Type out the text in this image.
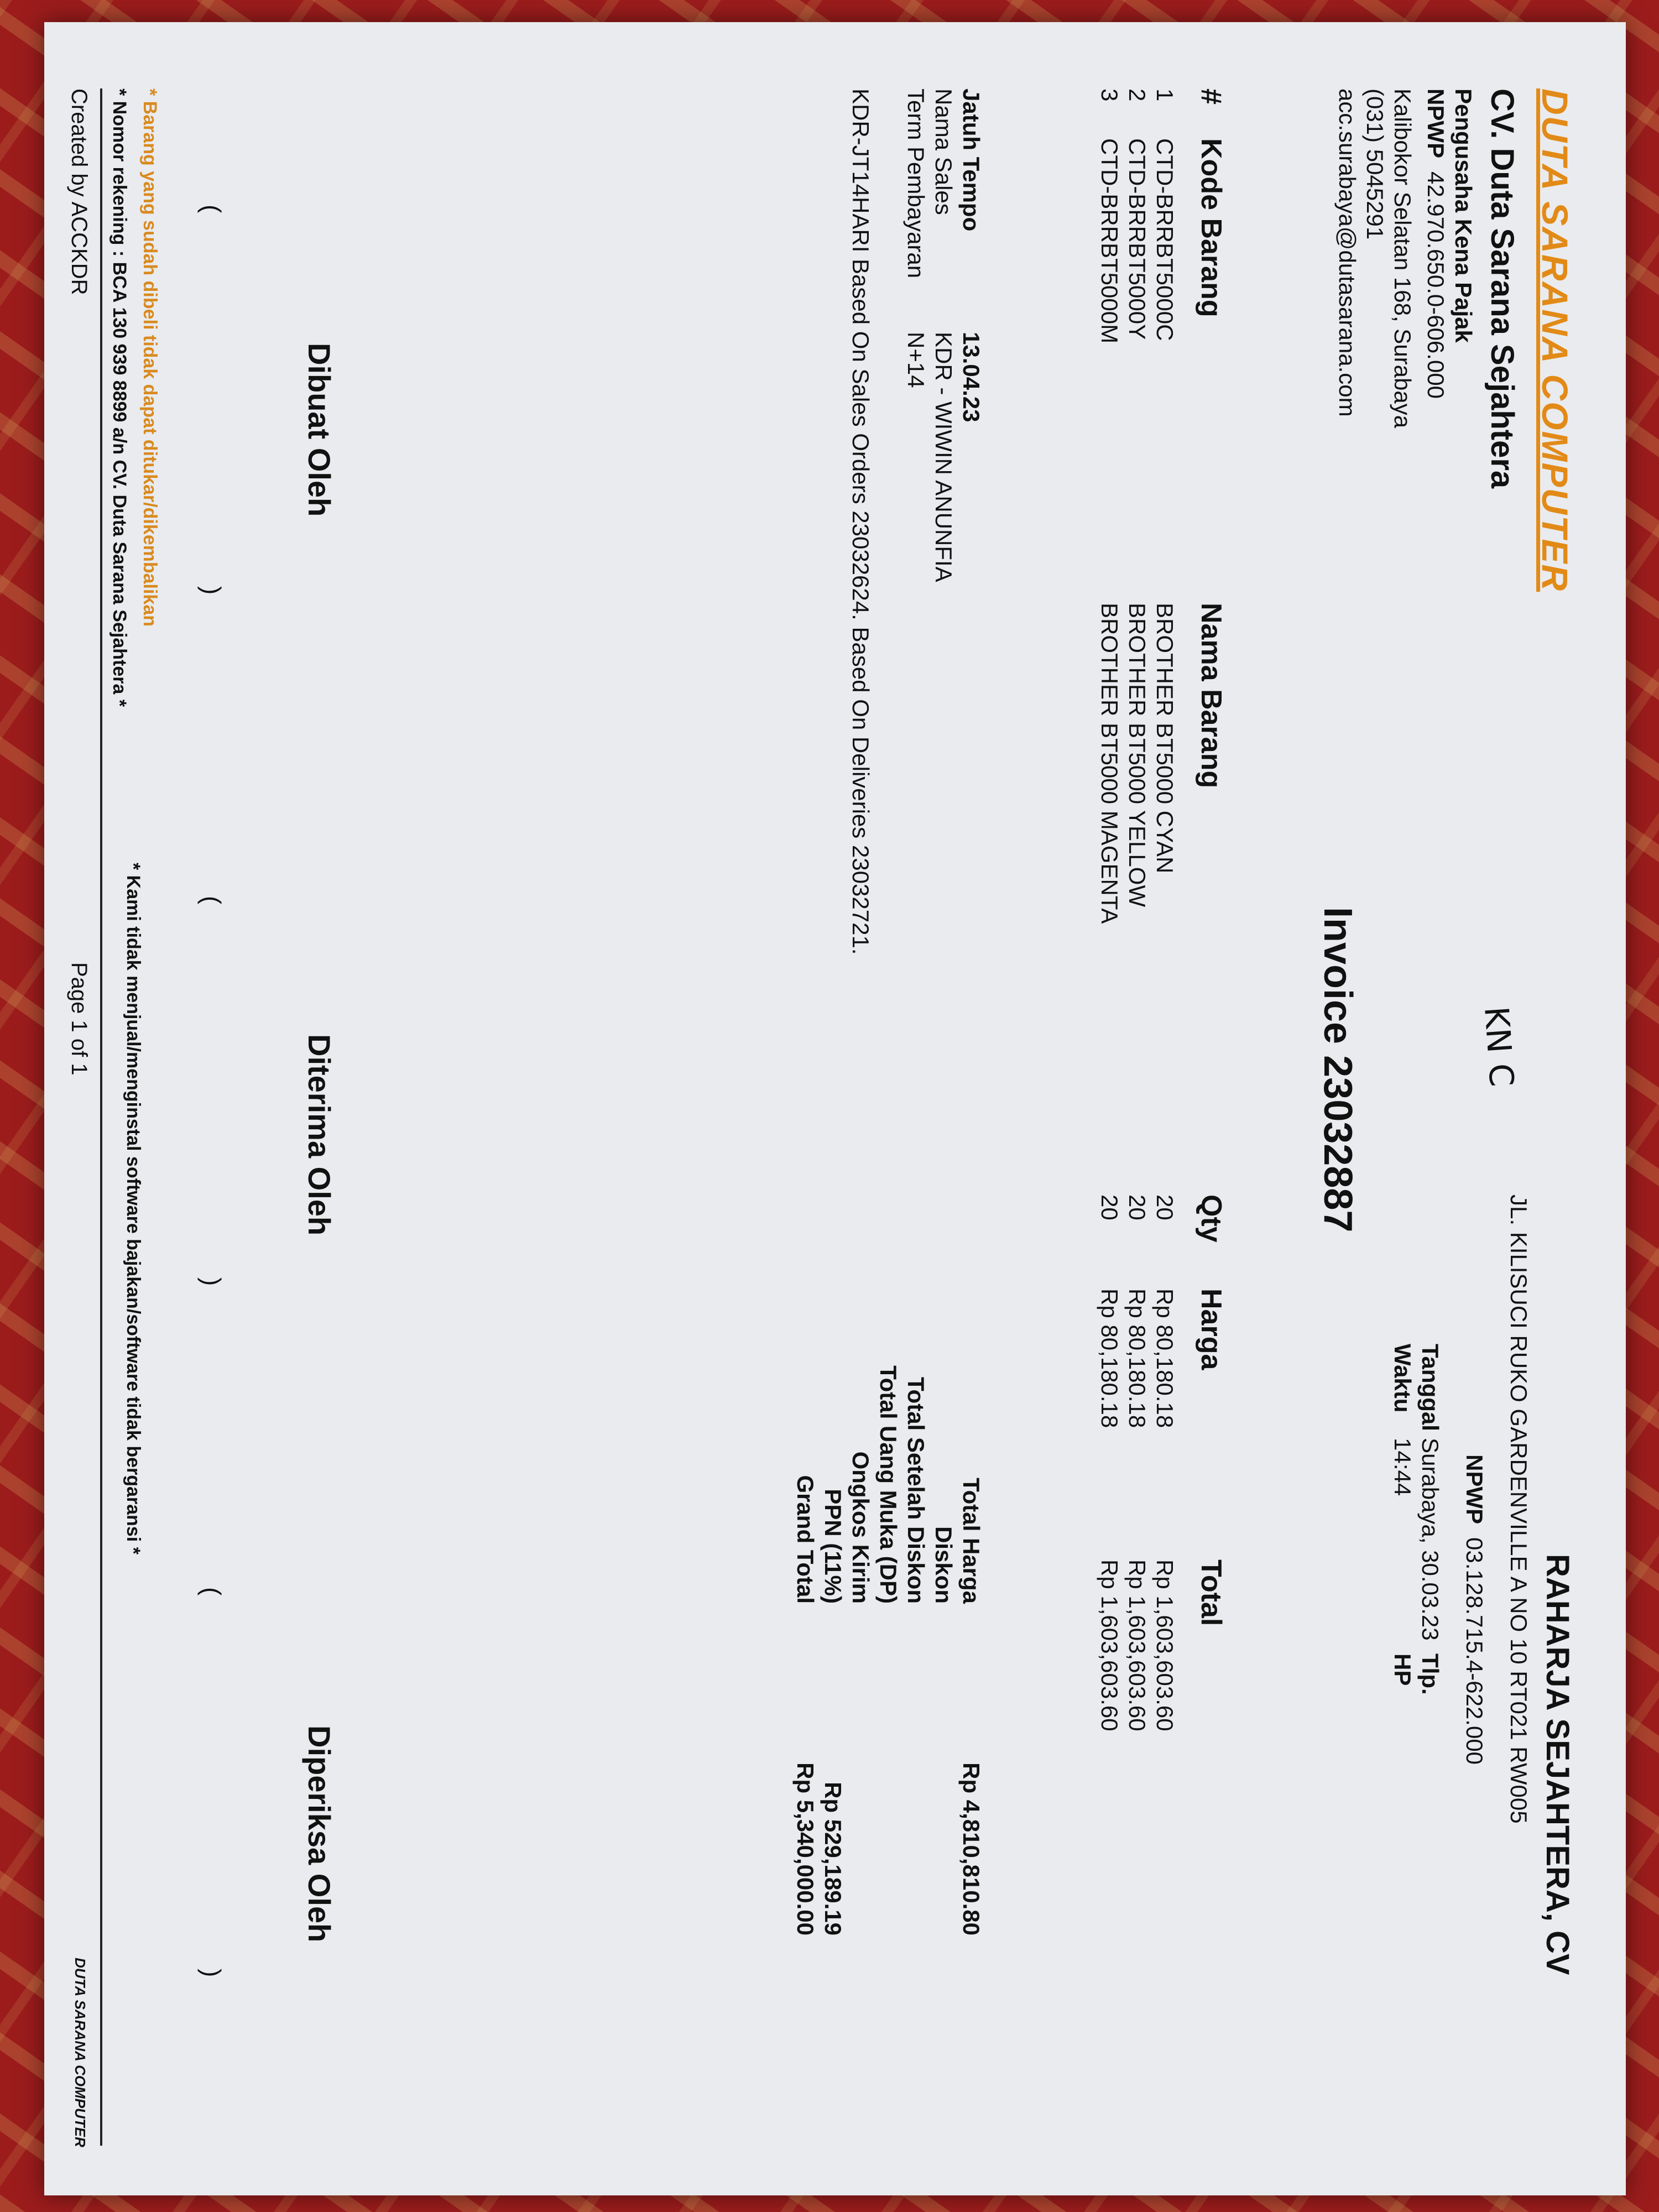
DUTA SARANA COMPUTER
CV. Duta Sarana Sejahtera
Pengusaha Kena Pajak
NPWP
42.970.650.0-606.000
Kalibokor Selatan 168, Surabaya
(031) 5045291
acc.surabaya@dutasarana.com
RAHARJA SEJAHTERA, CV
JL. KILISUCI RUKO GARDENVILLE A NO 10 RT021 RW005
NPWP
03.128.715.4-622.000
Tanggal
Surabaya, 30.03.23
Waktu
14:44
Tlp.
HP
KN C
Invoice 23032887
#
Kode Barang
Nama Barang
Qty
Harga
Total
1
CTD-BRRBT5000C
BROTHER BT5000 CYAN
20
Rp 80,180.18
Rp 1,603,603.60
2
CTD-BRRBT5000Y
BROTHER BT5000 YELLOW
20
Rp 80,180.18
Rp 1,603,603.60
3
CTD-BRRBT5000M
BROTHER BT5000 MAGENTA
20
Rp 80,180.18
Rp 1,603,603.60
Jatuh Tempo
13.04.23
Nama Sales
KDR - WIWIN ANUNFIA
Term Pembayaran
N+14
KDR-JT14HARI Based On Sales Orders 23032624. Based On Deliveries 23032721.
Total Harga
Rp 4,810,810.80
Diskon
Total Setelah Diskon
Total Uang Muka (DP)
Ongkos Kirim
PPN (11%)
Rp 529,189.19
Grand Total
Rp 5,340,000.00
Dibuat Oleh
Diterima Oleh
Diperiksa Oleh
(
)
(
)
(
)
* Barang yang sudah dibeli tidak dapat ditukar/dikembalikan
* Nomor rekening : BCA 130 939 8899 a/n CV. Duta Sarana Sejahtera *
* Kami tidak menjual/menginstal software bajakan/software tidak bergaransi *
Created by ACCKDR
Page 1 of 1
DUTA SARANA COMPUTER
